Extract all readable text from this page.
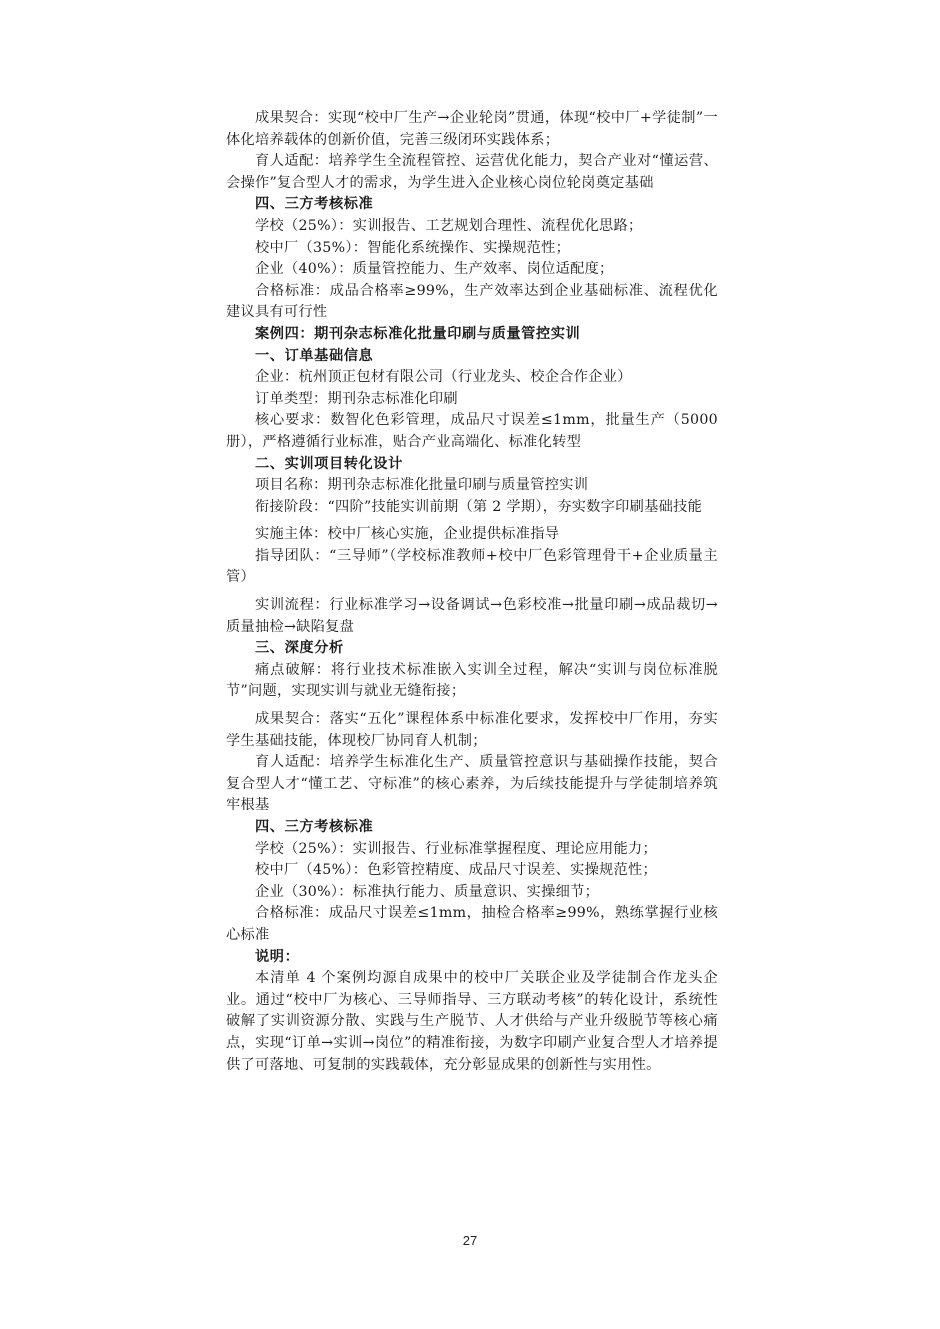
成果契合：实现“校中厂生产→企业轮岗”贯通，体现“校中厂+学徒制”一体化培养载体的创新价值，完善三级闭环实践体系；

育人适配：培养学生全流程管控、运营优化能力，契合产业对“懂运营、会操作”复合型人才的需求，为学生进入企业核心岗位轮岗奠定基础

四、三方考核标准

学校（25%）：实训报告、工艺规划合理性、流程优化思路；

校中厂（35%）：智能化系统操作、实操规范性；

企业（40%）：质量管控能力、生产效率、岗位适配度；

合格标准：成品合格率≥99%，生产效率达到企业基础标准、流程优化建议具有可行性

案例四：期刊杂志标准化批量印刷与质量管控实训

一、订单基础信息

企业：杭州顶正包材有限公司（行业龙头、校企合作企业）

订单类型：期刊杂志标准化印刷

核心要求：数智化色彩管理，成品尺寸误差≤1mm，批量生产（5000册），严格遵循行业标准，贴合产业高端化、标准化转型

二、实训项目转化设计

项目名称：期刊杂志标准化批量印刷与质量管控实训

衔接阶段：“四阶”技能实训前期（第 2 学期），夯实数字印刷基础技能

实施主体：校中厂核心实施，企业提供标准指导

指导团队：“三导师”（学校标准教师+校中厂色彩管理骨干+企业质量主管）

实训流程：行业标准学习→设备调试→色彩校准→批量印刷→成品裁切→质量抽检→缺陷复盘

三、深度分析

痛点破解：将行业技术标准嵌入实训全过程，解决“实训与岗位标准脱节”问题，实现实训与就业无缝衔接；

成果契合：落实“五化”课程体系中标准化要求，发挥校中厂作用，夯实学生基础技能，体现校厂协同育人机制；

育人适配：培养学生标准化生产、质量管控意识与基础操作技能，契合复合型人才“懂工艺、守标准”的核心素养，为后续技能提升与学徒制培养筑牢根基

四、三方考核标准

学校（25%）：实训报告、行业标准掌握程度、理论应用能力；

校中厂（45%）：色彩管控精度、成品尺寸误差、实操规范性；

企业（30%）：标准执行能力、质量意识、实操细节；

合格标准：成品尺寸误差≤1mm，抽检合格率≥99%，熟练掌握行业核心标准

说明：

本清单 4 个案例均源自成果中的校中厂关联企业及学徒制合作龙头企业。通过“校中厂为核心、三导师指导、三方联动考核”的转化设计，系统性破解了实训资源分散、实践与生产脱节、人才供给与产业升级脱节等核心痛点，实现“订单→实训→岗位”的精准衔接，为数字印刷产业复合型人才培养提供了可落地、可复制的实践载体，充分彰显成果的创新性与实用性。

27
